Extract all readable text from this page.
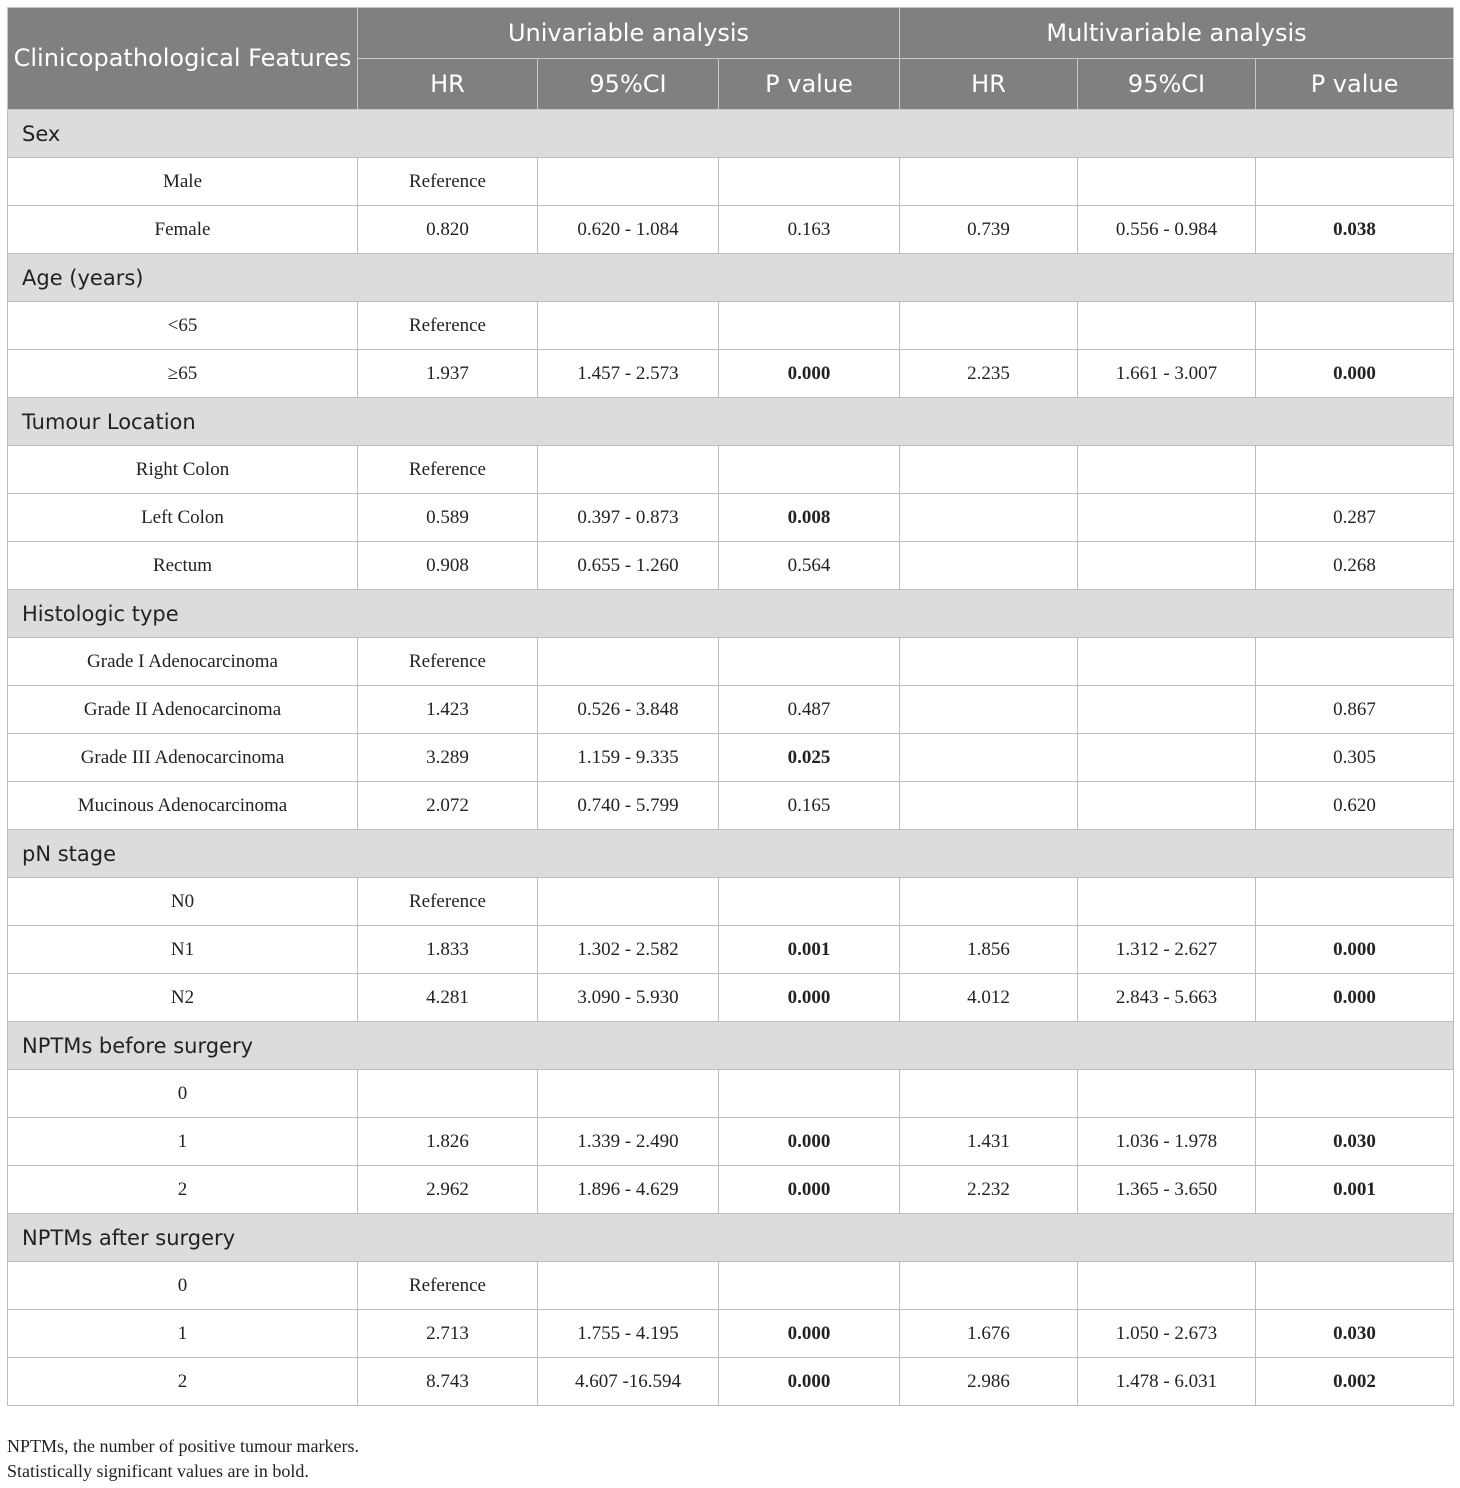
Clinicopathological Features	Univariable analysis			Multivariable analysis		
	HR	95%CI	P value	HR	95%CI	P value
Sex						
Male	Reference					
Female	0.820	0.620 - 1.084	0.163	0.739	0.556 - 0.984	0.038
Age (years)						
<65	Reference					
≥65	1.937	1.457 - 2.573	0.000	2.235	1.661 - 3.007	0.000
Tumour Location						
Right Colon	Reference					
Left Colon	0.589	0.397 - 0.873	0.008			0.287
Rectum	0.908	0.655 - 1.260	0.564			0.268
Histologic type						
Grade I Adenocarcinoma	Reference					
Grade II Adenocarcinoma	1.423	0.526 - 3.848	0.487			0.867
Grade III Adenocarcinoma	3.289	1.159 - 9.335	0.025			0.305
Mucinous Adenocarcinoma	2.072	0.740 - 5.799	0.165			0.620
pN stage						
N0	Reference					
N1	1.833	1.302 - 2.582	0.001	1.856	1.312 - 2.627	0.000
N2	4.281	3.090 - 5.930	0.000	4.012	2.843 - 5.663	0.000
NPTMs before surgery						
0						
1	1.826	1.339 - 2.490	0.000	1.431	1.036 - 1.978	0.030
2	2.962	1.896 - 4.629	0.000	2.232	1.365 - 3.650	0.001
NPTMs after surgery						
0	Reference					
1	2.713	1.755 - 4.195	0.000	1.676	1.050 - 2.673	0.030
2	8.743	4.607 -16.594	0.000	2.986	1.478 - 6.031	0.002
NPTMs, the number of positive tumour markers.
Statistically significant values are in bold.
